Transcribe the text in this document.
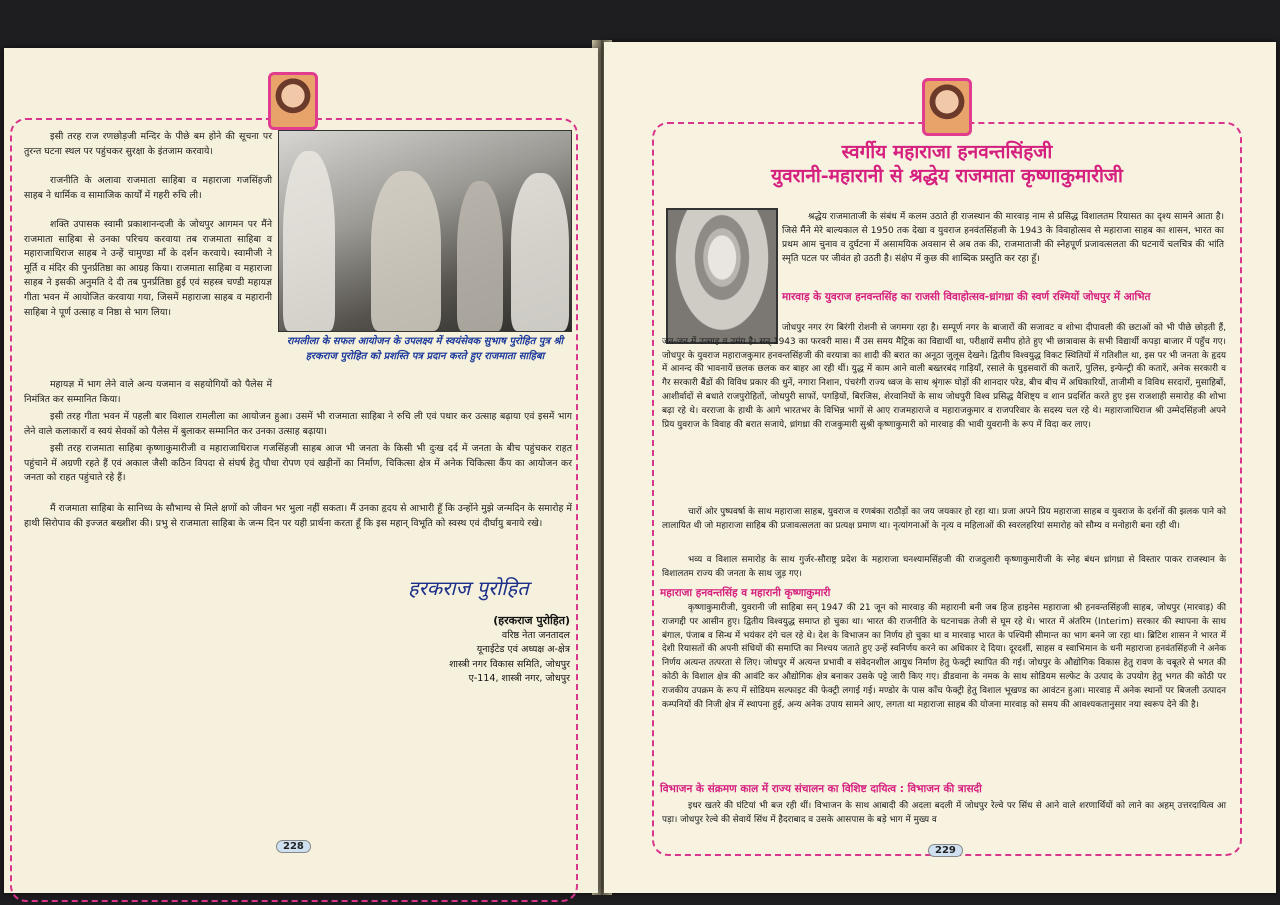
इसी तरह राज रणछोड़जी मन्दिर के पीछे बम होने की सूचना पर तुरन्त घटना स्थल पर पहुंचकर सुरक्षा के इंतजाम करवाये।

राजनीति के अलावा राजमाता साहिबा व महाराजा गजसिंहजी साहब ने धार्मिक व सामाजिक कार्यों में गहरी रुचि ली।

शक्ति उपासक स्वामी प्रकाशानन्दजी के जोधपुर आगमन पर मैंने राजमाता साहिबा से उनका परिचय करवाया तब राजमाता साहिबा व महाराजाधिराज साहब ने उन्हें चामुण्डा माँ के दर्शन करवाये। स्वामीजी ने मूर्ति व मंदिर की पुनर्प्रतिष्ठा का आग्रह किया। राजमाता साहिबा व महाराजा साहब ने इसकी अनुमति दे दी तब पुनर्प्रतिष्ठा हुई एवं सहस्त्र चण्डी महायज्ञ गीता भवन में आयोजित करवाया गया, जिसमें महाराजा साहब व महारानी साहिबा ने पूर्ण उत्साह व निष्ठा से भाग लिया।

महायज्ञ में भाग लेने वाले अन्य यजमान व सहयोगियों को पैलेस में निमंत्रित कर सम्मानित किया।

रामलीला के सफल आयोजन के उपलक्ष्य में स्वयंसेवक सुभाष पुरोहित पुत्र श्री हरकराज पुरोहित को प्रशस्ति पत्र प्रदान करते हुए राजमाता साहिबा

इसी तरह गीता भवन में पहली बार विशाल रामलीला का आयोजन हुआ। उसमें भी राजमाता साहिबा ने रुचि ली एवं पधार कर उत्साह बढ़ाया एवं इसमें भाग लेने वाले कलाकारों व स्वयं सेवकों को पैलेस में बुलाकर सम्मानित कर उनका उत्साह बढ़ाया।

इसी तरह राजमाता साहिबा कृष्णाकुमारीजी व महाराजाधिराज गजसिंहजी साहब आज भी जनता के किसी भी दुःख दर्द में जनता के बीच पहुंचकर राहत पहुंचाने में अग्रणी रहते हैं एवं अकाल जैसी कठिन विपदा से संघर्ष हेतु पौधा रोपण एवं खड़ीनों का निर्माण, चिकित्सा क्षेत्र में अनेक चिकित्सा कैंप का आयोजन कर जनता को राहत पहुंचाते रहे हैं।

मैं राजमाता साहिबा के सानिध्य के सौभाग्य से मिले क्षणों को जीवन भर भुला नहीं सकता। मैं उनका हृदय से आभारी हूँ कि उन्होंने मुझे जन्मदिन के समारोह में हाथी सिरोपाव की इज्जत बख्शीश की। प्रभु से राजमाता साहिबा के जन्म दिन पर यही प्रार्थना करता हूँ कि इस महान् विभूति को स्वस्थ एवं दीर्घायु बनाये रखे।

हरकराज पुरोहित
(हरकराज पुरोहित)
वरिष्ठ नेता जनतादल
यूनाईटेड एवं अध्यक्ष अ-क्षेत्र
शास्त्री नगर विकास समिति, जोधपुर
ए-114, शास्त्री नगर, जोधपुर
228

स्वर्गीय महाराजा हनवन्तसिंहजी

युवरानी-महारानी से श्रद्धेय राजमाता कृष्णाकुमारीजी

श्रद्धेय राजमाताजी के संबंध में कलम उठाते ही राजस्थान की मारवाड़ नाम से प्रसिद्ध विशालतम रियासत का दृश्य सामने आता है। जिसे मैंने मेरे बाल्यकाल से 1950 तक देखा व युवराज हनवंतसिंहजी के 1943 के विवाहोत्सव से महाराजा साहब का शासन, भारत का प्रथम आम चुनाव व दुर्घटना में असामयिक अवसान से अब तक की, राजमाताजी की स्नेहपूर्ण प्रजावत्सलता की घटनायें चलचित्र की भांति स्मृति पटल पर जीवंत हो उठती है। संक्षेप में कुछ की शाब्दिक प्रस्तुति कर रहा हूँ।

मारवाड़ के युवराज हनवन्तसिंह का राजसी विवाहोत्सव-ध्रांगध्रा की स्वर्ण रश्मियों जोधपुर में आभित

जोधपुर नगर रंग बिरंगी रोशनी से जगमगा रहा है। सम्पूर्ण नगर के बाजारों की सजावट व शोभा दीपावली की छटाओं को भी पीछे छोड़ती हैं, जन-जन में उत्साह व उमंग है। सन् 1943 का फरवरी मास। मैं उस समय मैट्रिक का विद्यार्थी था, परीक्षायें समीप होते हुए भी छात्रावास के सभी विद्यार्थी कपड़ा बाजार में पहुँच गए। जोधपुर के युवराज महाराजकुमार हनवन्तसिंहजी की वरयात्रा का शादी की बरात का अनूठा जुलूस देखने। द्वितीय विश्वयुद्ध विकट स्थितियों में गतिशील था, इस पर भी जनता के हृदय में आनन्द की भावनायें छलक छलक कर बाहर आ रही थीं। युद्ध में काम आने वाली बख्तरबंद गाड़ियाँ, रसाले के घुड़सवारों की कतारें, पुलिस, इन्फेन्ट्री की कतारें, अनेक सरकारी व गैर सरकारी बैंडों की विविध प्रकार की धुनें, नगारा निशान, पंचरंगी राज्य ध्वज के साथ श्रृंगारू घोड़ों की शानदार परेड, बीच बीच में अधिकारियों, ताजीमी व विविध सरदारों, मुसाहिबों, आशीर्वादों से बधाते राजपुरोहितों, जोधपुरी साफों, पगड़ियों, बिरजिस, शेरवानियों के साथ जोधपुरी विश्व प्रसिद्ध वैशिष्ट्य व शान प्रदर्शित करते हुए इस राजशाही समारोह की शोभा बढ़ा रहे थे। वरराजा के हाथी के आगे भारतभर के विभिन्न भागों से आए राजमहाराजे व महाराजकुमार व राजपरिवार के सदस्य चल रहे थे। महाराजाधिराज श्री उम्मेदसिंहजी अपने प्रिय युवराज के विवाह की बरात सजाये, ध्रांगध्रा की राजकुमारी सुश्री कृष्णाकुमारी को मारवाड़ की भावी युवरानी के रूप में विदा कर लाए।

चारों ओर पुष्पवर्षा के साथ महाराजा साहब, युवराज व रणबंका राठौड़ों का जय जयकार हो रहा था। प्रजा अपने प्रिय महाराजा साहब व युवराज के दर्शनों की झलक पाने को लालायित थी जो महाराजा साहिब की प्रजावत्सलता का प्रत्यक्ष प्रमाण था। नृत्यांगनाओं के नृत्य व महिलाओं की स्वरलहरियां समारोह को सौम्य व मनोहारी बना रही थी।

भव्य व विशाल समारोह के साथ गुर्जर-सौराष्ट्र प्रदेश के महाराजा घनश्यामसिंहजी की राजदुलारी कृष्णाकुमारीजी के स्नेह बंधन ध्रांगध्रा से विस्तार पाकर राजस्थान के विशालतम राज्य की जनता के साथ जुड़ गए।

महाराजा हनवन्तसिंह व महारानी कृष्णाकुमारी

कृष्णाकुमारीजी, युवरानी जी साहिबा सन् 1947 की 21 जून को मारवाड़ की महारानी बनी जब हिज हाइनेस महाराजा श्री हनवन्तसिंहजी साहब, जोधपुर (मारवाड़) की राजगद्दी पर आसीन हुए। द्वितीय विश्वयुद्ध समाप्त हो चुका था। भारत की राजनीति के घटनाचक्र तेजी से घूम रहे थे। भारत में अंतरिम (Interim) सरकार की स्थापना के साथ बंगाल, पंजाब व सिन्ध में भयंकर दंगे चल रहे थे। देश के विभाजन का निर्णय हो चुका था व मारवाड़ भारत के पश्चिमी सीमान्त का भाग बनने जा रहा था। ब्रिटिश शासन ने भारत में देशी रियासतों की अपनी संधियों की समाप्ति का निश्चय जताते हुए उन्हें स्वनिर्णय करने का अधिकार दे दिया। दूरदर्शी, साहस व स्वाभिमान के धनी महाराजा हनवंतसिंहजी ने अनेक निर्णय अत्यन्त तत्परता से लिए। जोधपुर में अत्यन्त प्रभावी व संवेदनशील आयुध निर्माण हेतु फेक्ट्री स्थापित की गई। जोधपुर के औद्योगिक विकास हेतु रावण के चबूतरे से भगत की कोठी के विशाल क्षेत्र की आवंटि कर औद्योगिक क्षेत्र बनाकर उसके पट्टे जारी किए गए। डीडवाना के नमक के साथ सोडियम सल्फेट के उत्पाद के उपयोग हेतु भगत की कोठी पर राजकीय उपक्रम के रूप में सोडियम सल्फाइट की फेक्ट्री लगाई गई। मण्डोर के पास काँच फेक्ट्री हेतु विशाल भूखण्ड का आवंटन हुआ। मारवाड़ में अनेक स्थानों पर बिजली उत्पादन कम्पनियों की निजी क्षेत्र में स्थापना हुई, अन्य अनेक उपाय सामने आए, लगता था महाराजा साहब की योजना मारवाड़ को समय की आवश्यकतानुसार नया स्वरूप देने की है।

विभाजन के संक्रमण काल में राज्य संचालन का विशिष्ट दायित्व : विभाजन की त्रासदी

इधर खतरे की घंटियां भी बज रही थीं। विभाजन के साथ आबादी की अदला बदली में जोधपुर रेल्वे पर सिंध से आने वाले शरणार्थियों को लाने का अहम् उत्तरदायित्व आ पड़ा। जोधपुर रेल्वे की सेवायें सिंध में हैदराबाद व उसके आसपास के बड़े भाग में मुख्य व

229
